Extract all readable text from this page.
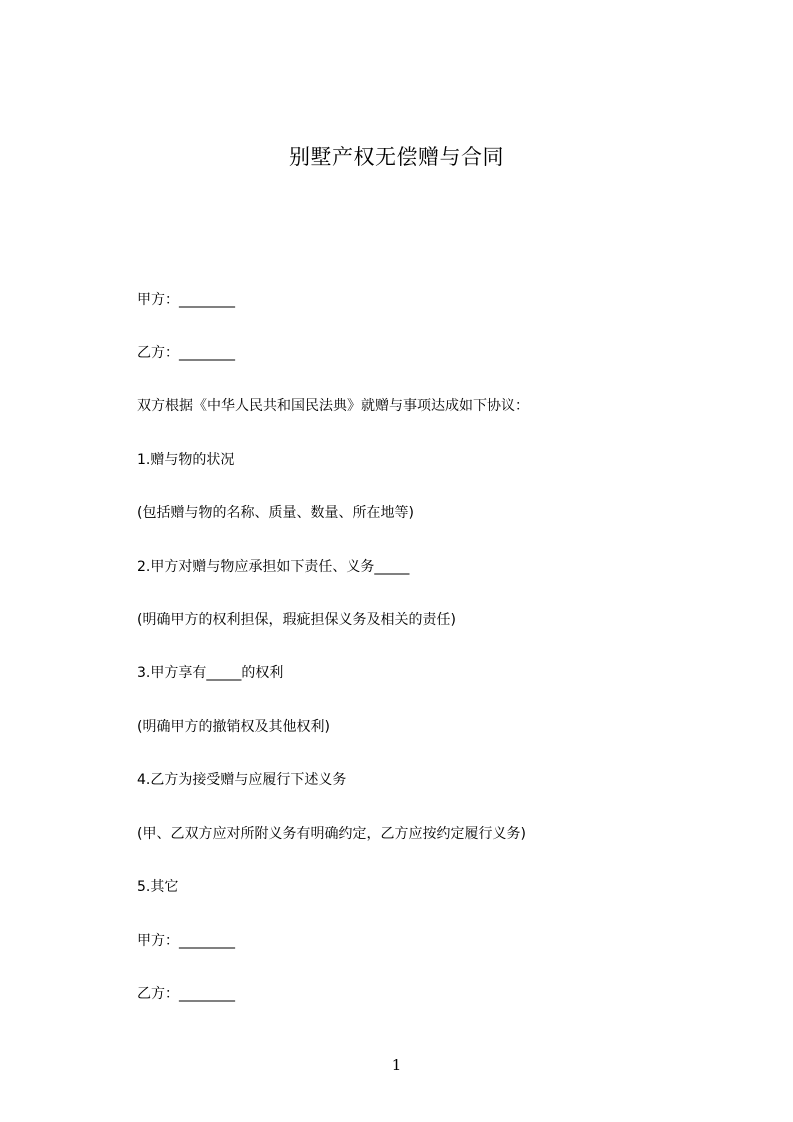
别墅产权无偿赠与合同
甲方：________
乙方：________
双方根据《中华人民共和国民法典》就赠与事项达成如下协议：
1.赠与物的状况
(包括赠与物的名称、质量、数量、所在地等)
2.甲方对赠与物应承担如下责任、义务_____
(明确甲方的权利担保，瑕疵担保义务及相关的责任)
3.甲方享有_____的权利
(明确甲方的撤销权及其他权利)
4.乙方为接受赠与应履行下述义务
(甲、乙双方应对所附义务有明确约定，乙方应按约定履行义务)
5.其它
甲方：________
乙方：________
1
